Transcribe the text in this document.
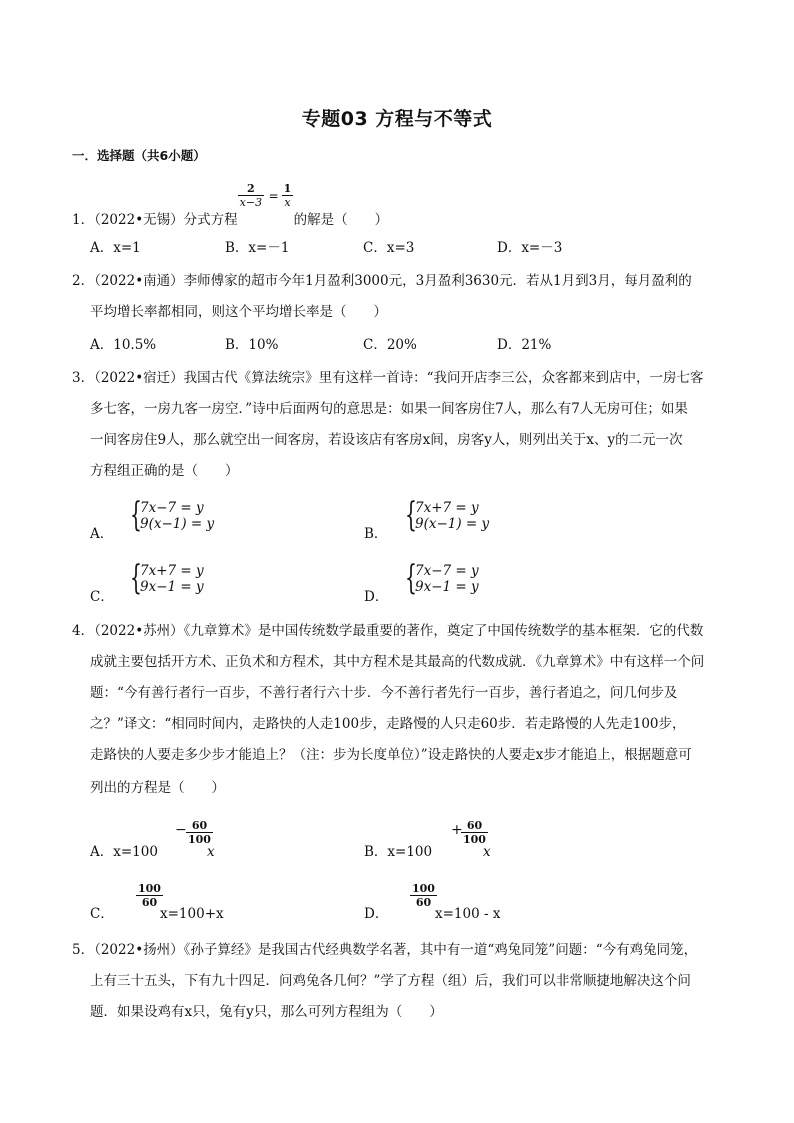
专题03 方程与不等式
一．选择题（共6小题）
1．（2022•无锡）分式方程
$\frac{2}{x-3} = \frac{1}{x}$
的解是（　　）
A．x=1	B．x=－1	C．x=3	D．x=－3
2．（2022•南通）李师傅家的超市今年1月盈利3000元，3月盈利3630元．若从1月到3月，每月盈利的
平均增长率都相同，则这个平均增长率是（　　）
A．10.5%	B．10%	C．20%	D．21%
3．（2022•宿迁）我国古代《算法统宗》里有这样一首诗：“我问开店李三公，众客都来到店中，一房七客
多七客，一房九客一房空．”诗中后面两句的意思是：如果一间客房住7人，那么有7人无房可住；如果
一间客房住9人，那么就空出一间客房，若设该店有客房x间，房客y人，则列出关于x、y的二元一次
方程组正确的是（　　）
A． {
7x−7 = y
9(x−1) = y
B． {
7x+7 = y
9(x−1) = y
C． {
7x+7 = y
9x−1 = y
D． {
7x−7 = y
9x−1 = y
4．（2022•苏州）《九章算术》是中国传统数学最重要的著作，奠定了中国传统数学的基本框架．它的代数
成就主要包括开方术、正负术和方程术，其中方程术是其最高的代数成就．《九章算术》中有这样一个问
题：“今有善行者行一百步，不善行者行六十步．今不善行者先行一百步，善行者追之，问几何步及
之？”译文：“相同时间内，走路快的人走100步，走路慢的人只走60步．若走路慢的人先走100步，
走路快的人要走多少步才能追上？（注：步为长度单位）”设走路快的人要走x步才能追上，根据题意可
列出的方程是（　　）
A．x=100
− $\frac{60}{100}$
x	B．x=100
+
$\frac{60}{100}$
x
C．
$\frac{100}{60}$
x=100+x	D．
$\frac{100}{60}$
x=100 - x
5．（2022•扬州）《孙子算经》是我国古代经典数学名著，其中有一道“鸡兔同笼”问题：“今有鸡兔同笼，
上有三十五头，下有九十四足．问鸡兔各几何？”学了方程（组）后，我们可以非常顺捷地解决这个问
题．如果设鸡有x只，兔有y只，那么可列方程组为（　　）
